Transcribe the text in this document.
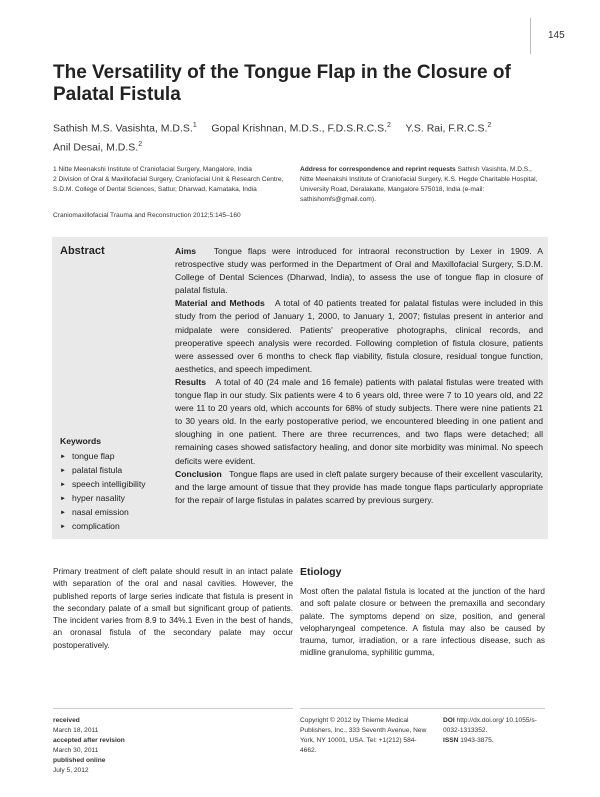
145
The Versatility of the Tongue Flap in the Closure of Palatal Fistula
Sathish M.S. Vasishta, M.D.S.$^1$ Gopal Krishnan, M.D.S., F.D.S.R.C.S.$^2$ Y.S. Rai, F.R.C.S.$^2$
Anil Desai, M.D.S.$^2$

1 Nitte Meenakshi Institute of Craniofacial Surgery, Mangalore, India

2 Division of Oral & Maxillofacial Surgery, Craniofacial Unit & Research Centre, S.D.M. College of Dental Sciences, Sattur, Dharwad, Karnataka, India

Address for correspondence and reprint requests Sathish Vasishta, M.D.S., Nitte Meenakshi Institute of Craniofacial Surgery, K.S. Hegde Charitable Hospital, University Road, Deralakatte, Mangalore 575018, India (e-mail: sathishomfs@gmail.com).
Craniomaxillofacial Trauma and Reconstruction 2012;5:145–160
Abstract	Aims Tongue flaps were introduced for intraoral reconstruction by Lexer in 1909. A retrospective study was performed in the Department of Oral and Maxillofacial Surgery, S.D.M. College of Dental Sciences (Dharwad, India), to assess the use of tongue flap in closure of palatal fistula.

Material and Methods A total of 40 patients treated for palatal fistulas were included in this study from the period of January 1, 2000, to January 1, 2007; fistulas present in anterior and midpalate were considered. Patients' preoperative photographs, clinical records, and preoperative speech analysis were recorded. Following completion of fistula closure, patients were assessed over 6 months to check flap viability, fistula closure, residual tongue function, aesthetics, and speech impediment.

Results A total of 40 (24 male and 16 female) patients with palatal fistulas were treated with tongue flap in our study. Six patients were 4 to 6 years old, three were 7 to 10 years old, and 22 were 11 to 20 years old, which accounts for 68% of study subjects. There were nine patients 21 to 30 years old. In the early postoperative period, we encountered bleeding in one patient and sloughing in one patient. There are three recurrences, and two flaps were detached; all remaining cases showed satisfactory healing, and donor site morbidity was minimal. No speech deficits were evident.

Conclusion Tongue flaps are used in cleft palate surgery because of their excellent vascularity, and the large amount of tissue that they provide has made tongue flaps particularly appropriate for the repair of large fistulas in palates scarred by previous surgery.

Keywords
► tongue flap
► palatal fistula
► speech intelligibility
► hyper nasality
► nasal emission
► complication
Primary treatment of cleft palate should result in an intact palate with separation of the oral and nasal cavities. However, the published reports of large series indicate that fistula is present in the secondary palate of a small but significant group of patients. The incident varies from 8.9 to 34%.1 Even in the best of hands, an oronasal fistula of the secondary palate may occur postoperatively.
Etiology
Most often the palatal fistula is located at the junction of the hard and soft palate closure or between the premaxilla and secondary palate. The symptoms depend on size, position, and general velopharyngeal competence. A fistula may also be caused by trauma, tumor, irradiation, or a rare infectious disease, such as midline granuloma, syphilitic gumma,
received
March 18, 2011
accepted after revision
March 30, 2011
published online
July 5, 2012
Copyright © 2012 by Thieme Medical Publishers, Inc., 333 Seventh Avenue, New York, NY 10001, USA. Tel: +1(212) 584-4662.
DOI http://dx.doi.org/ 10.1055/s-0032-1313352.
ISSN 1943-3875.
